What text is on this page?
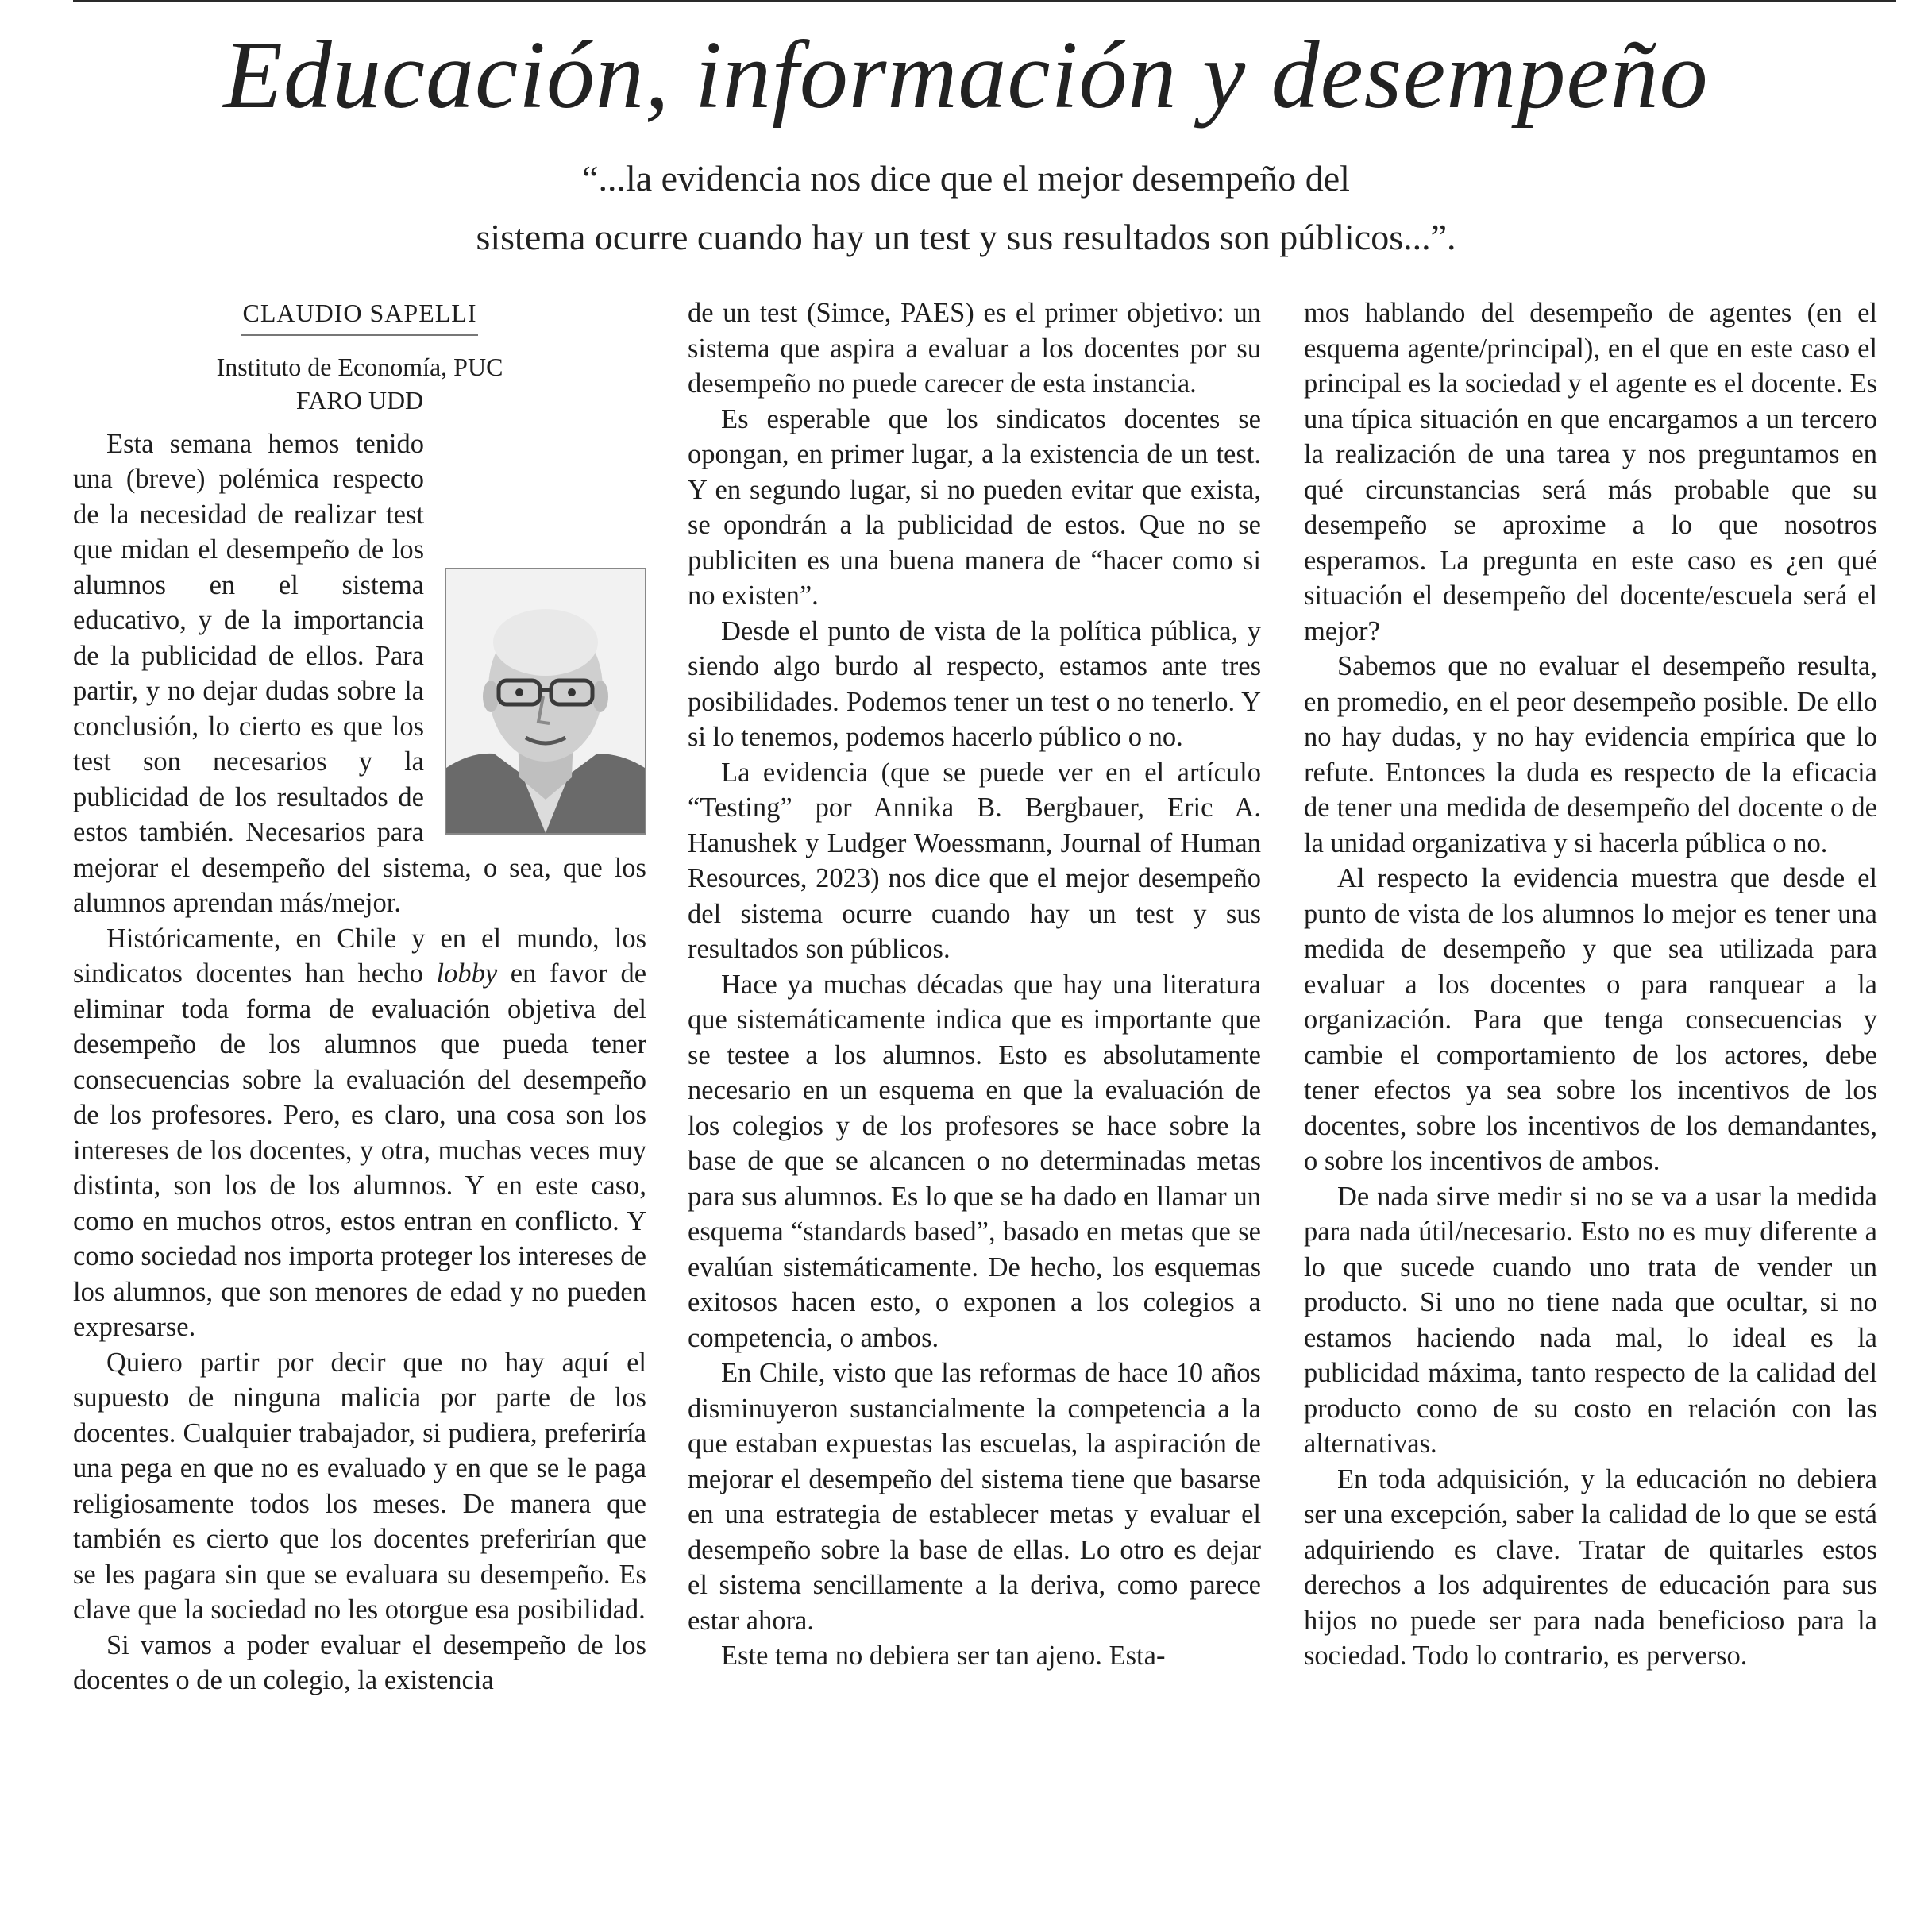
Educación, información y desempeño
“...la evidencia nos dice que el mejor desempeño del
sistema ocurre cuando hay un test y sus resultados son públicos...”.
CLAUDIO SAPELLI
Instituto de Economía, PUC
FARO UDD

Esta semana hemos tenido una (breve) polémica respecto de la necesidad de realizar test que midan el desempeño de los alumnos en el sistema educativo, y de la importancia de la publicidad de ellos. Para partir, y no dejar dudas sobre la conclusión, lo cierto es que los test son necesarios y la publicidad de los resultados de estos también. Necesarios para mejorar el desempeño del sistema, o sea, que los alumnos aprendan más/mejor.

Históricamente, en Chile y en el mundo, los sindicatos docentes han hecho lobby en favor de eliminar toda forma de evaluación objetiva del desempeño de los alumnos que pueda tener consecuencias sobre la evaluación del desempeño de los profesores. Pero, es claro, una cosa son los intereses de los docentes, y otra, muchas veces muy distinta, son los de los alumnos. Y en este caso, como en muchos otros, estos entran en conflicto. Y como sociedad nos importa proteger los intereses de los alumnos, que son menores de edad y no pueden expresarse.

Quiero partir por decir que no hay aquí el supuesto de ninguna malicia por parte de los docentes. Cualquier trabajador, si pudiera, preferiría una pega en que no es evaluado y en que se le paga religiosamente todos los meses. De manera que también es cierto que los docentes preferirían que se les pagara sin que se evaluara su desempeño. Es clave que la sociedad no les otorgue esa posibilidad.

Si vamos a poder evaluar el desempeño de los docentes o de un colegio, la existencia

de un test (Simce, PAES) es el primer objetivo: un sistema que aspira a evaluar a los docentes por su desempeño no puede carecer de esta instancia.

Es esperable que los sindicatos docentes se opongan, en primer lugar, a la existencia de un test. Y en segundo lugar, si no pueden evitar que exista, se opondrán a la publicidad de estos. Que no se publiciten es una buena manera de “hacer como si no existen”.

Desde el punto de vista de la política pública, y siendo algo burdo al respecto, estamos ante tres posibilidades. Podemos tener un test o no tenerlo. Y si lo tenemos, podemos hacerlo público o no.

La evidencia (que se puede ver en el artículo “Testing” por Annika B. Bergbauer, Eric A. Hanushek y Ludger Woessmann, Journal of Human Resources, 2023) nos dice que el mejor desempeño del sistema ocurre cuando hay un test y sus resultados son públicos.

Hace ya muchas décadas que hay una literatura que sistemáticamente indica que es importante que se testee a los alumnos. Esto es absolutamente necesario en un esquema en que la evaluación de los colegios y de los profesores se hace sobre la base de que se alcancen o no determinadas metas para sus alumnos. Es lo que se ha dado en llamar un esquema “standards based”, basado en metas que se evalúan sistemáticamente. De hecho, los esquemas exitosos hacen esto, o exponen a los colegios a competencia, o ambos.

En Chile, visto que las reformas de hace 10 años disminuyeron sustancialmente la competencia a la que estaban expuestas las escuelas, la aspiración de mejorar el desempeño del sistema tiene que basarse en una estrategia de establecer metas y evaluar el desempeño sobre la base de ellas. Lo otro es dejar el sistema sencillamente a la deriva, como parece estar ahora.

Este tema no debiera ser tan ajeno. Esta-

mos hablando del desempeño de agentes (en el esquema agente/principal), en el que en este caso el principal es la sociedad y el agente es el docente. Es una típica situación en que encargamos a un tercero la realización de una tarea y nos preguntamos en qué circunstancias será más probable que su desempeño se aproxime a lo que nosotros esperamos. La pregunta en este caso es ¿en qué situación el desempeño del docente/escuela será el mejor?

Sabemos que no evaluar el desempeño resulta, en promedio, en el peor desempeño posible. De ello no hay dudas, y no hay evidencia empírica que lo refute. Entonces la duda es respecto de la eficacia de tener una medida de desempeño del docente o de la unidad organizativa y si hacerla pública o no.

Al respecto la evidencia muestra que desde el punto de vista de los alumnos lo mejor es tener una medida de desempeño y que sea utilizada para evaluar a los docentes o para ranquear a la organización. Para que tenga consecuencias y cambie el comportamiento de los actores, debe tener efectos ya sea sobre los incentivos de los docentes, sobre los incentivos de los demandantes, o sobre los incentivos de ambos.

De nada sirve medir si no se va a usar la medida para nada útil/necesario. Esto no es muy diferente a lo que sucede cuando uno trata de vender un producto. Si uno no tiene nada que ocultar, si no estamos haciendo nada mal, lo ideal es la publicidad máxima, tanto respecto de la calidad del producto como de su costo en relación con las alternativas.

En toda adquisición, y la educación no debiera ser una excepción, saber la calidad de lo que se está adquiriendo es clave. Tratar de quitarles estos derechos a los adquirentes de educación para sus hijos no puede ser para nada beneficioso para la sociedad. Todo lo contrario, es perverso.
